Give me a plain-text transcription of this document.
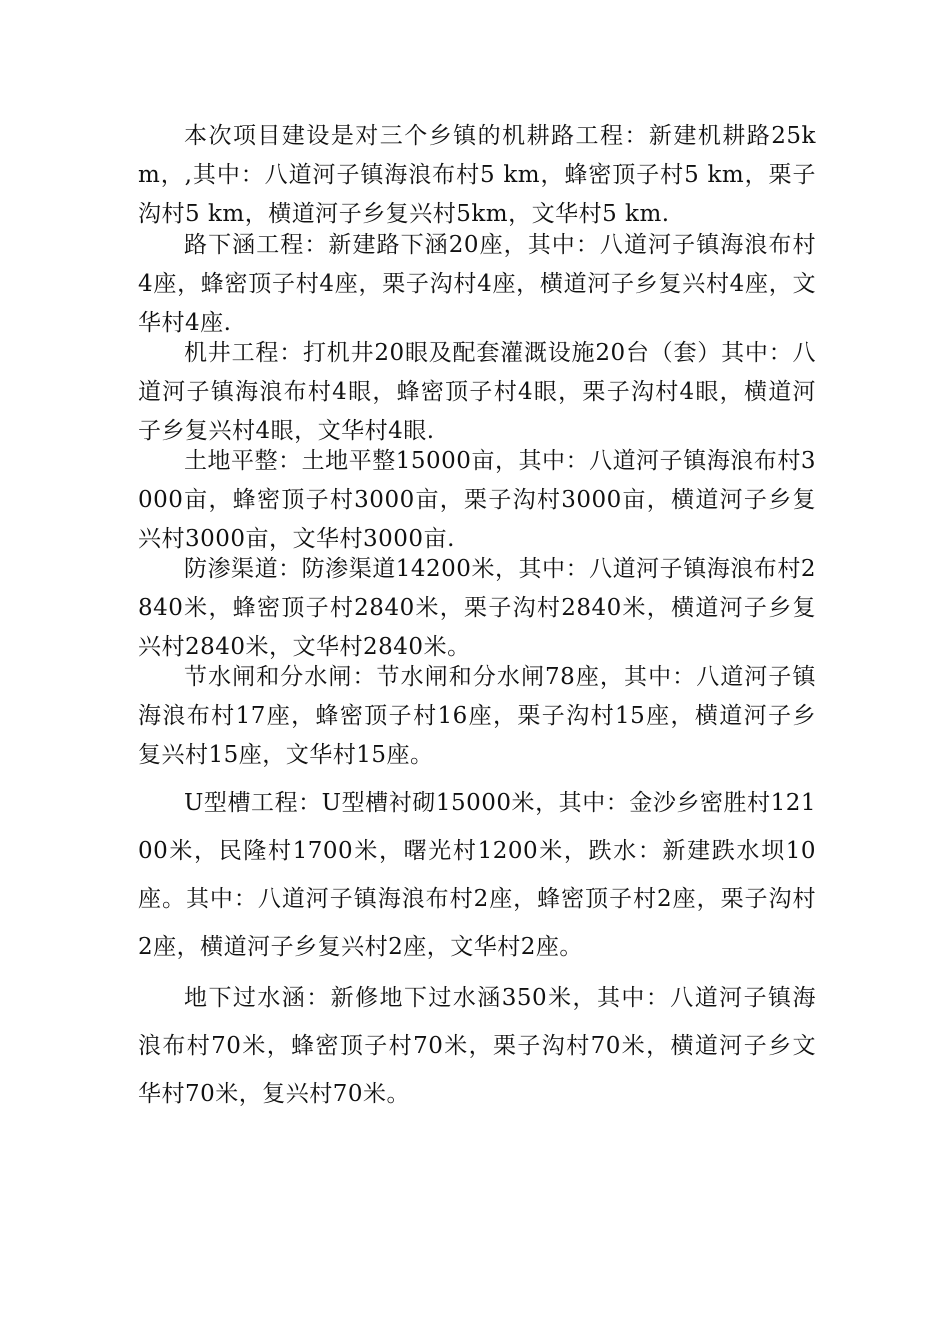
本次项目建设是对三个乡镇的机耕路工程：新建机耕路25km，,其中：八道河子镇海浪布村5 km，蜂密顶子村5 km，栗子沟村5 km，横道河子乡复兴村5km，文华村5 km.

路下涵工程：新建路下涵20座，其中：八道河子镇海浪布村4座，蜂密顶子村4座，栗子沟村4座，横道河子乡复兴村4座，文华村4座.

机井工程：打机井20眼及配套灌溉设施20台（套）其中：八道河子镇海浪布村4眼，蜂密顶子村4眼，栗子沟村4眼，横道河子乡复兴村4眼，文华村4眼.

土地平整：土地平整15000亩，其中：八道河子镇海浪布村3000亩，蜂密顶子村3000亩，栗子沟村3000亩，横道河子乡复兴村3000亩，文华村3000亩.

防渗渠道：防渗渠道14200米，其中：八道河子镇海浪布村2840米，蜂密顶子村2840米，栗子沟村2840米，横道河子乡复兴村2840米，文华村2840米。

节水闸和分水闸：节水闸和分水闸78座，其中：八道河子镇海浪布村17座，蜂密顶子村16座，栗子沟村15座，横道河子乡复兴村15座，文华村15座。

U型槽工程：U型槽衬砌15000米，其中：金沙乡密胜村12100米，民隆村1700米，曙光村1200米，跌水：新建跌水坝10座。其中：八道河子镇海浪布村2座，蜂密顶子村2座，栗子沟村2座，横道河子乡复兴村2座，文华村2座。

地下过水涵：新修地下过水涵350米，其中：八道河子镇海浪布村70米，蜂密顶子村70米，栗子沟村70米，横道河子乡文华村70米，复兴村70米。
